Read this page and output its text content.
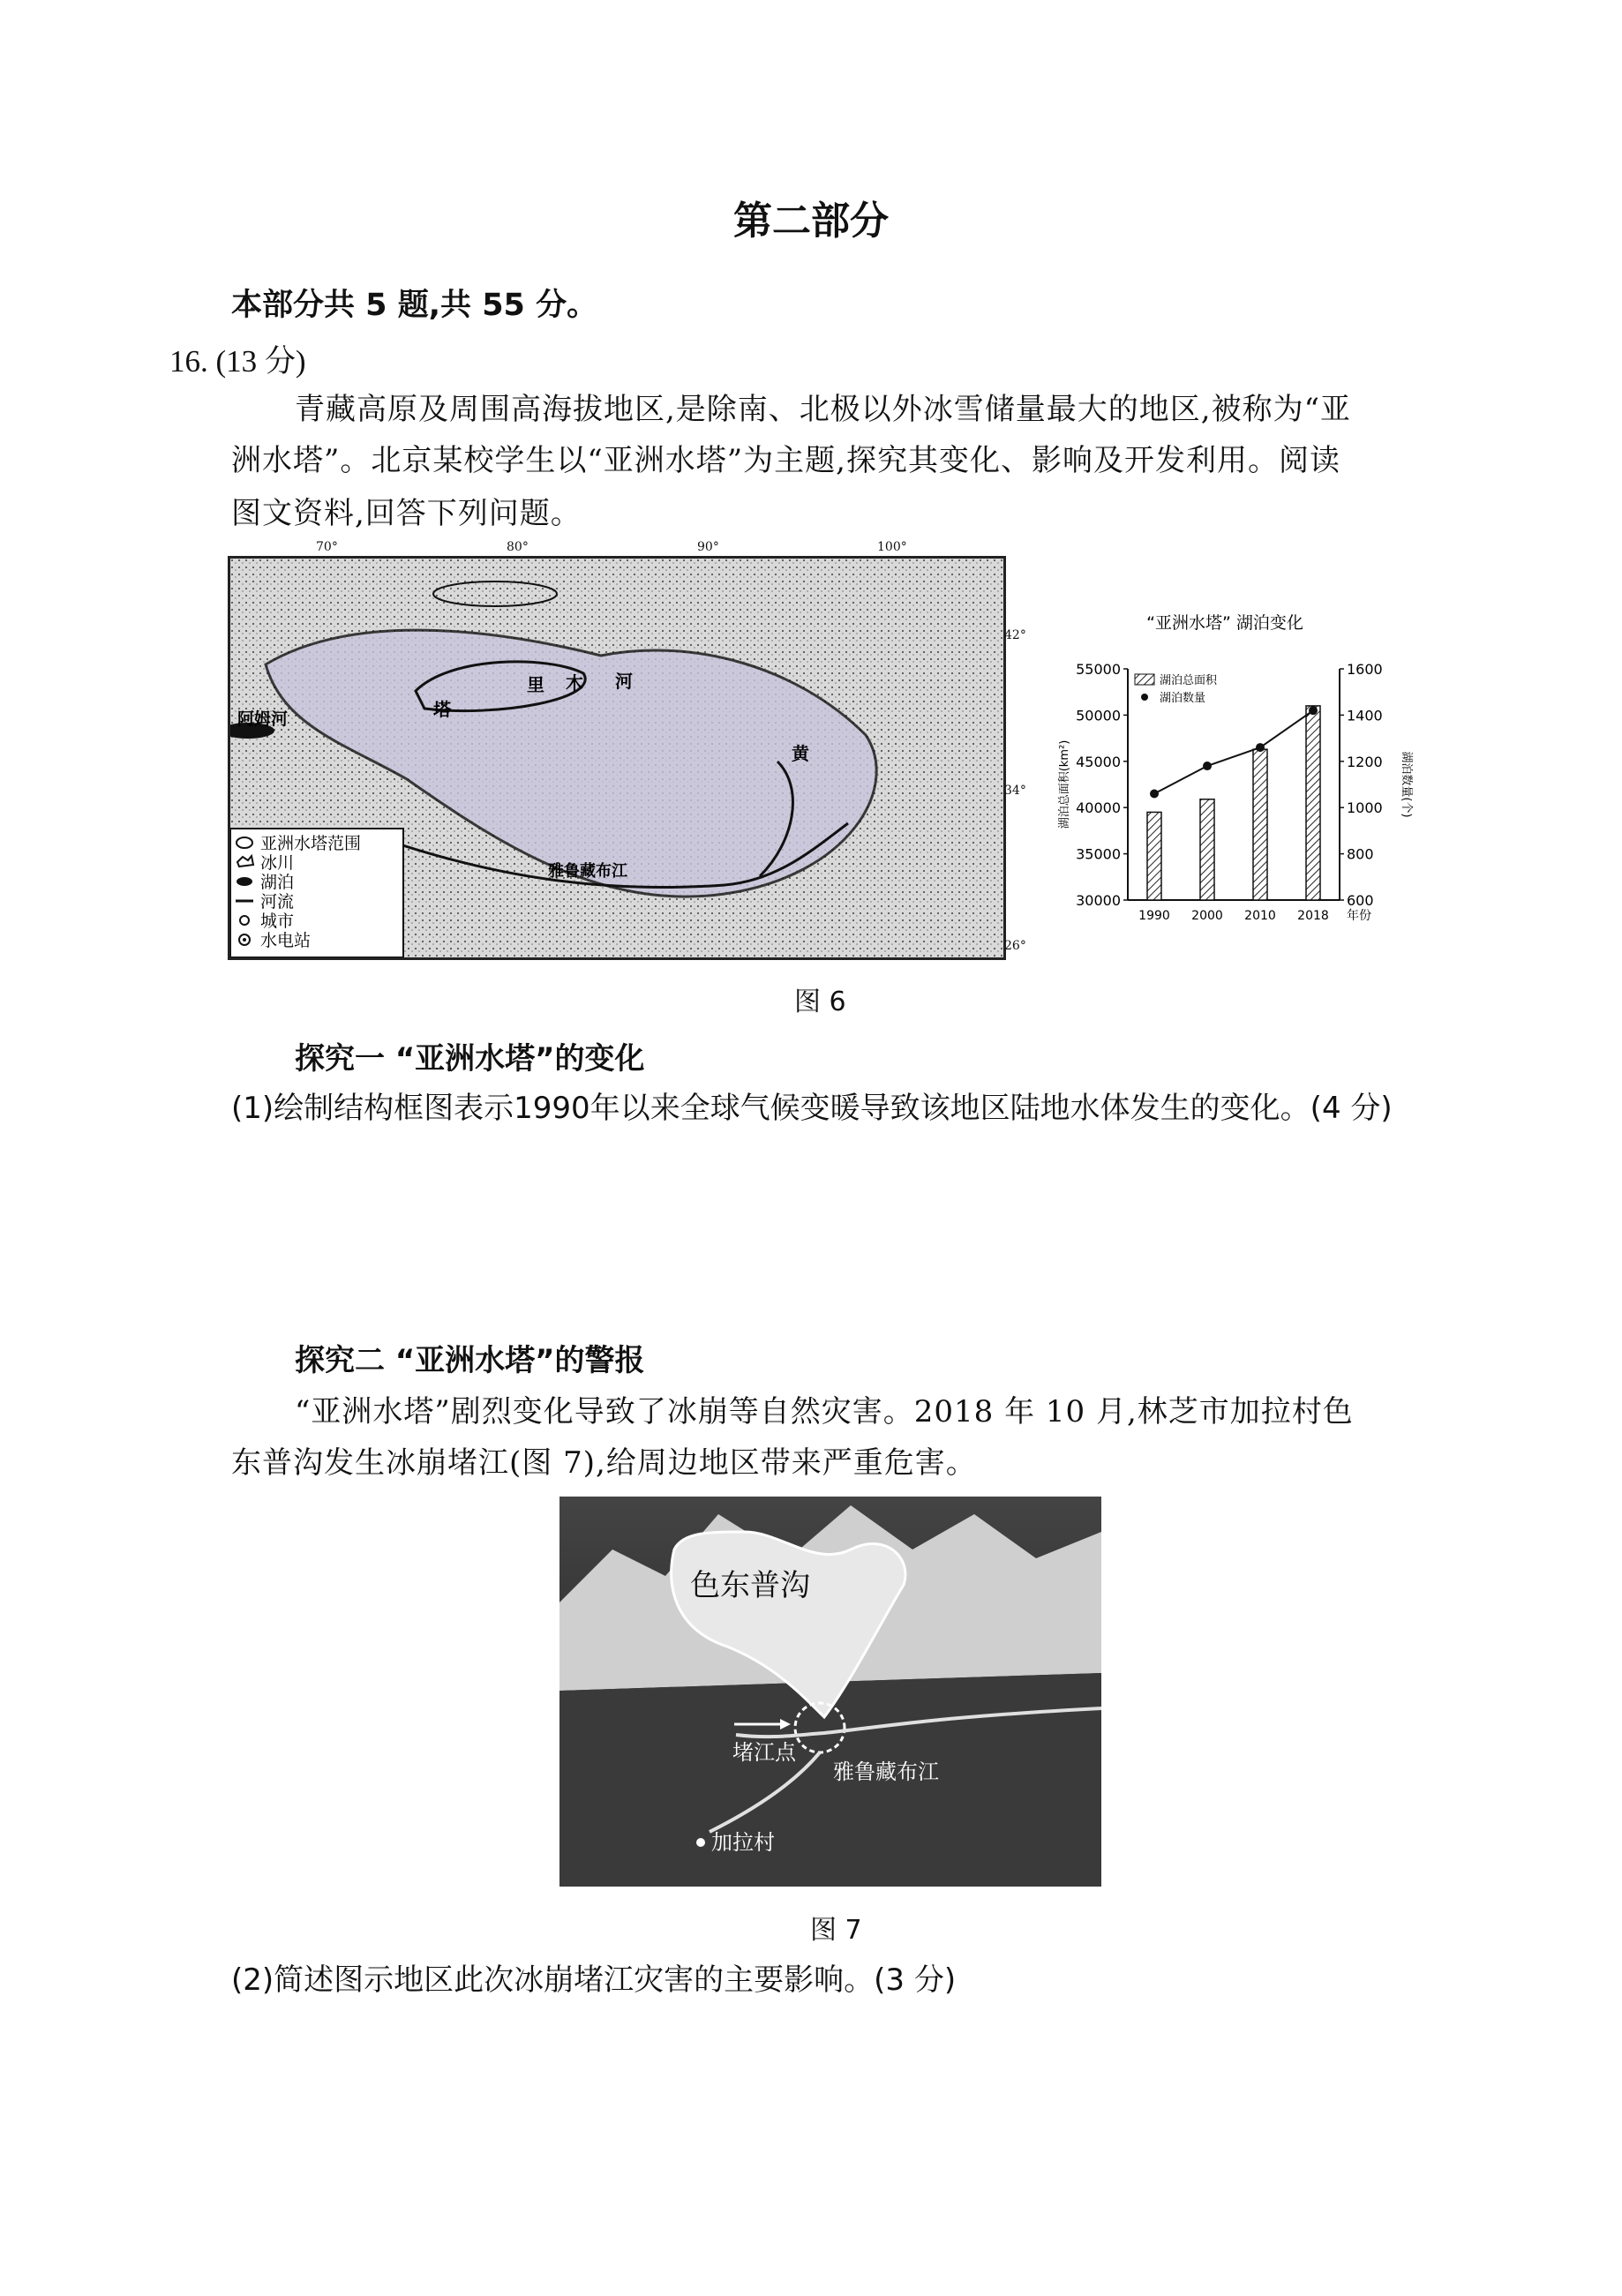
第二部分
本部分共 5 题,共 55 分。
16. (13 分)
青藏高原及周围高海拔地区,是除南、北极以外冰雪储量最大的地区,被称为“亚
洲水塔”。北京某校学生以“亚洲水塔”为主题,探究其变化、影响及开发利用。阅读
图文资料,回答下列问题。
亚洲水塔范围
冰川
湖泊
河流
城市
水电站
阿姆河	塔
里 木 河
黄
雅鲁藏布江
70°	80°	90°	100°
42°
34°
26°
“亚洲水塔” 湖泊变化
30000
35000
40000
45000
50000
55000
600
800
1000
1200
1400
1600
湖泊总面积(km²)	湖泊数量(个)
1990 2000 2010 2018 年份
湖泊总面积
湖泊数量
图 6
探究一 “亚洲水塔”的变化
(1)绘制结构框图表示1990年以来全球气候变暖导致该地区陆地水体发生的变化。(4 分)
探究二 “亚洲水塔”的警报
“亚洲水塔”剧烈变化导致了冰崩等自然灾害。2018 年 10 月,林芝市加拉村色
东普沟发生冰崩堵江(图 7),给周边地区带来严重危害。
色东普沟
堵江点
雅鲁藏布江
加拉村
图 7
(2)简述图示地区此次冰崩堵江灾害的主要影响。(3 分)
